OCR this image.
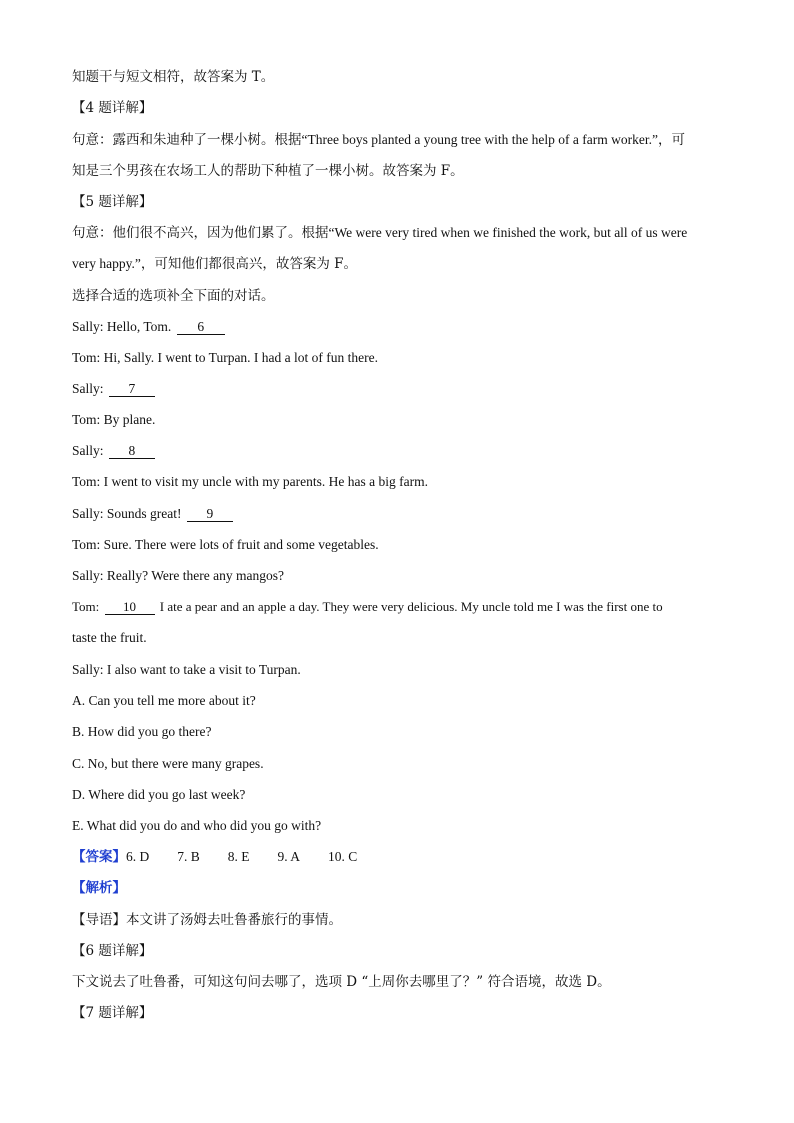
知题干与短文相符，故答案为 T。
【4 题详解】
句意：露西和朱迪种了一棵小树。根据“Three boys planted a young tree with the help of a farm worker.”，可
知是三个男孩在农场工人的帮助下种植了一棵小树。故答案为 F。
【5 题详解】
句意：他们很不高兴，因为他们累了。根据“We were very tired when we finished the work, but all of us were
very happy.”，可知他们都很高兴，故答案为 F。
选择合适的选项补全下面的对话。
Sally: Hello, Tom. 6
Tom: Hi, Sally. I went to Turpan. I had a lot of fun there.
Sally: 7
Tom: By plane.
Sally: 8
Tom: I went to visit my uncle with my parents. He has a big farm.
Sally: Sounds great! 9
Tom: Sure. There were lots of fruit and some vegetables.
Sally: Really? Were there any mangos?
Tom: 10 I ate a pear and an apple a day. They were very delicious. My uncle told me I was the first one to
taste the fruit.
Sally: I also want to take a visit to Turpan.
A. Can you tell me more about it?
B. How did you go there?
C. No, but there were many grapes.
D. Where did you go last week?
E. What did you do and who did you go with?
【答案】6. D 7. B 8. E 9. A 10. C
【解析】
【导语】本文讲了汤姆去吐鲁番旅行的事情。
【6 题详解】
下文说去了吐鲁番，可知这句问去哪了，选项 D “上周你去哪里了？” 符合语境，故选 D。
【7 题详解】
